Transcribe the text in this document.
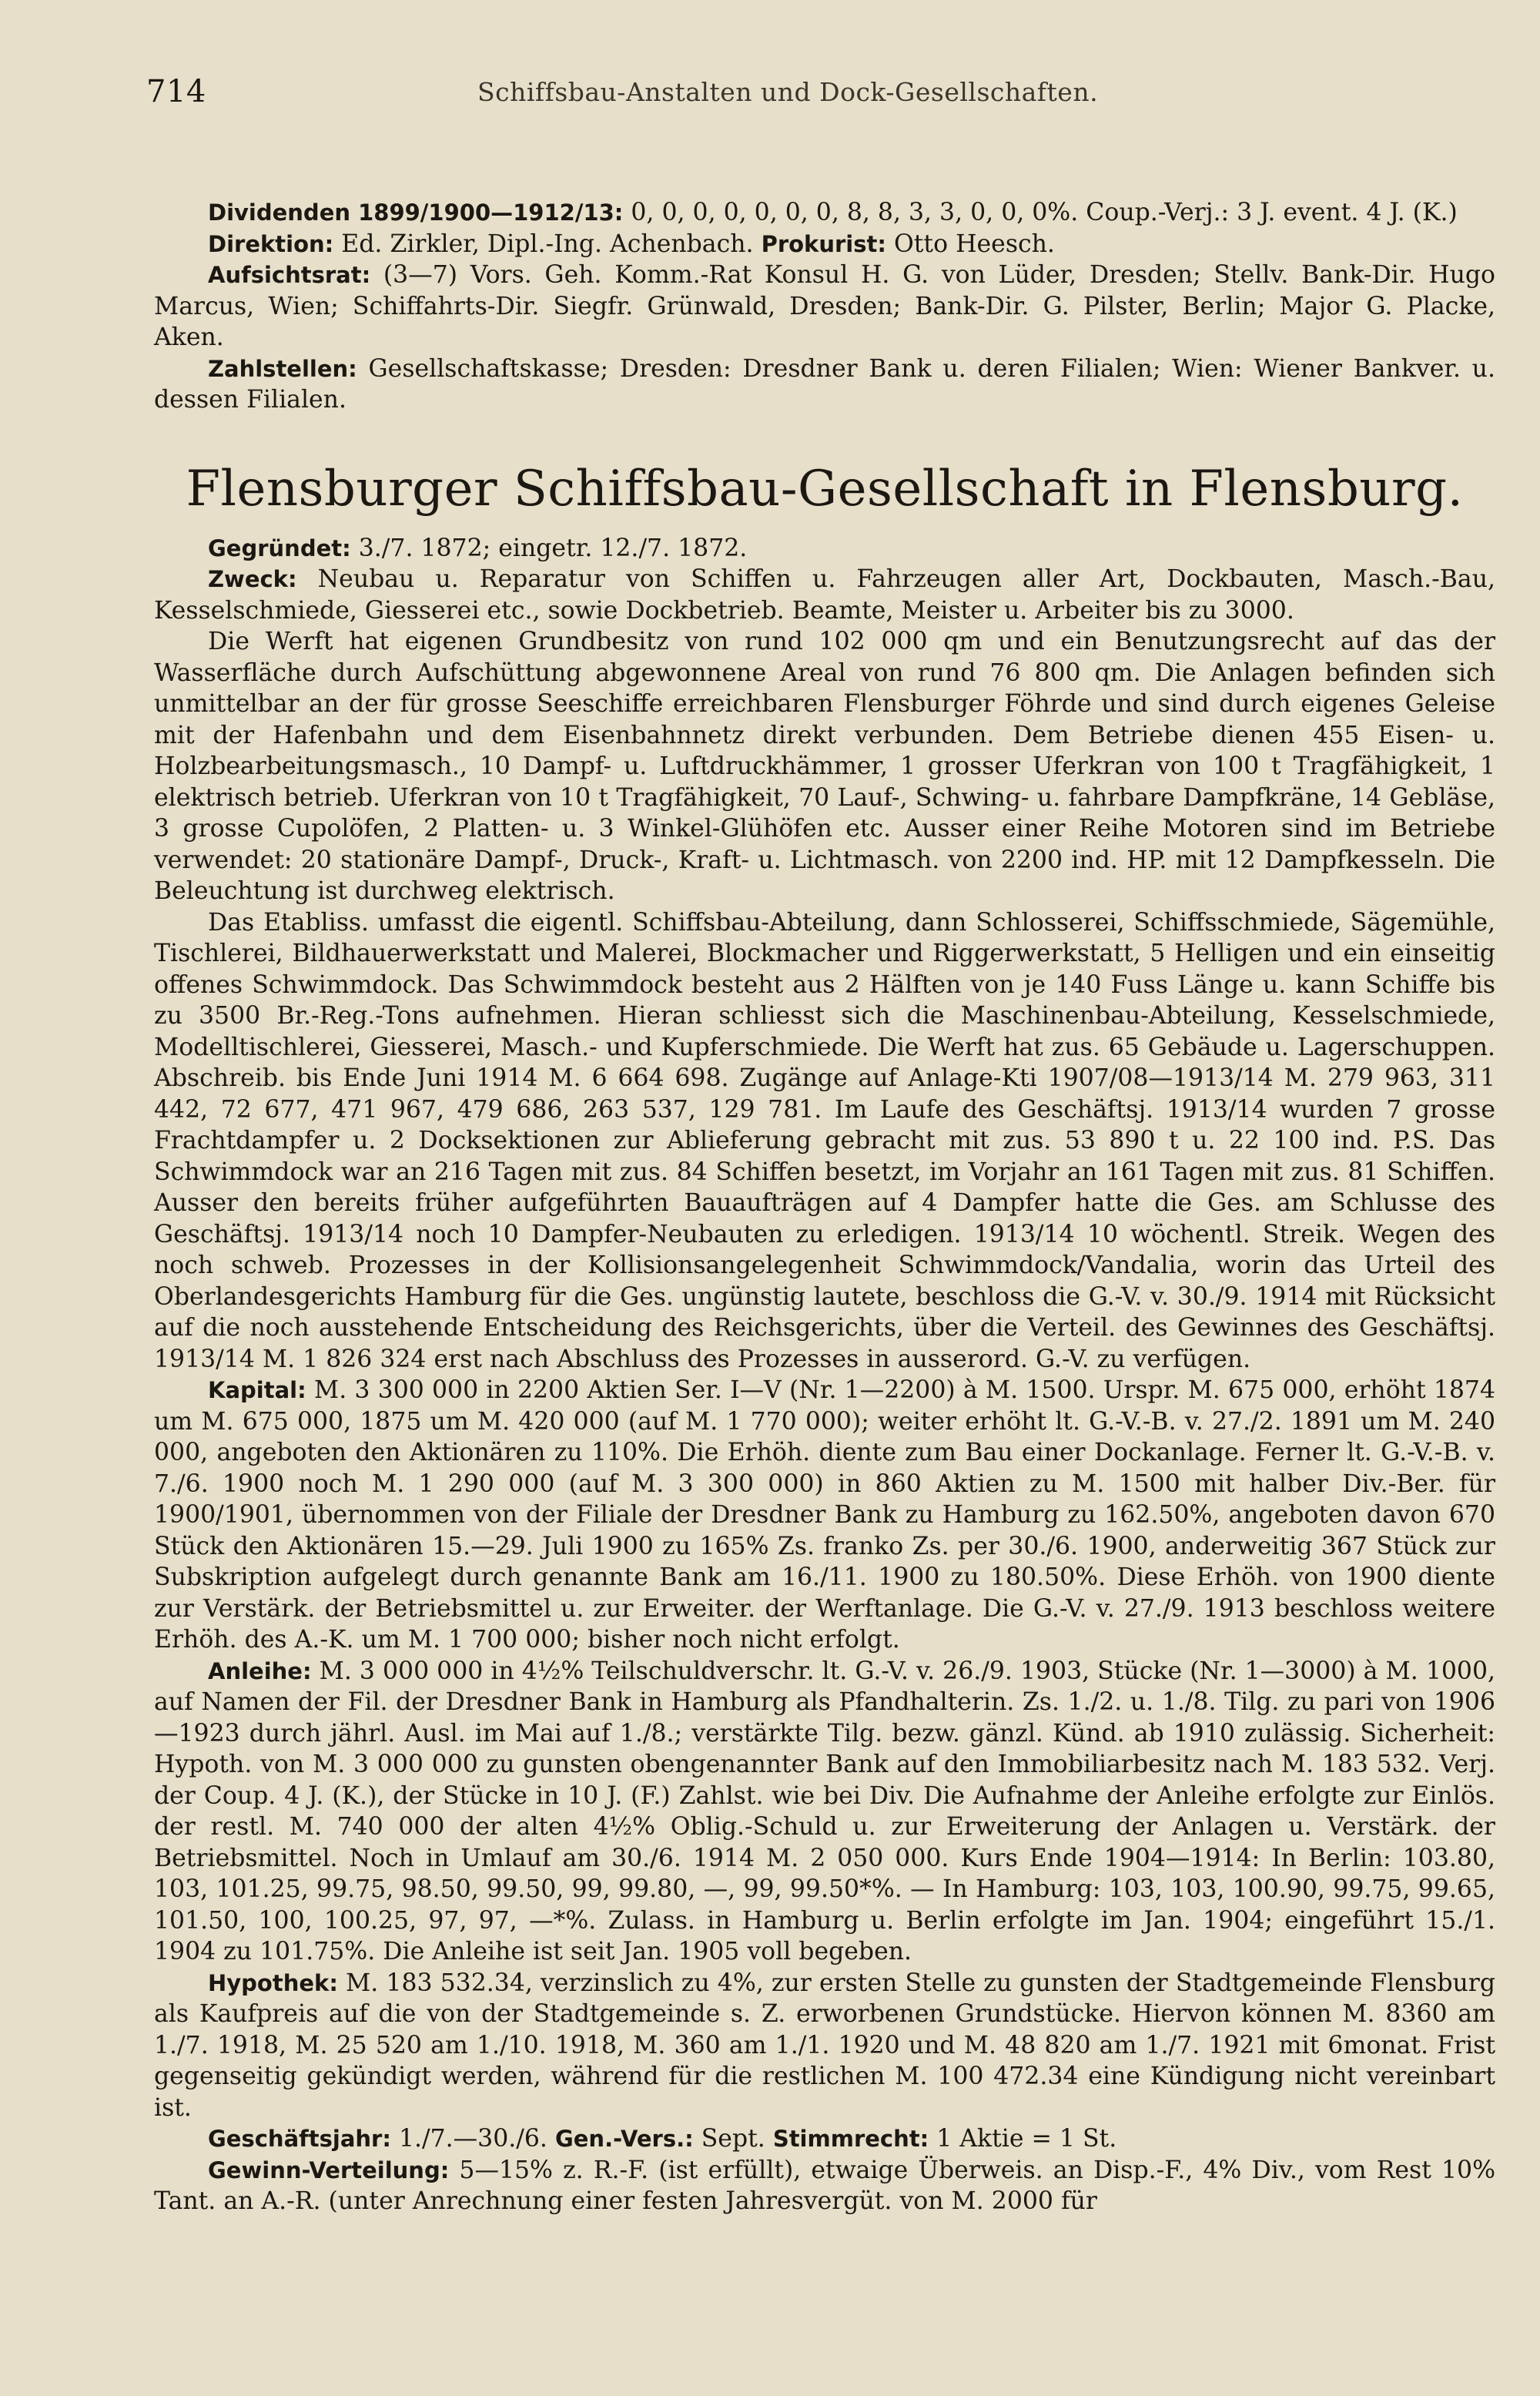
714	Schiffsbau-Anstalten und Dock-Gesellschaften.

Dividenden 1899/1900—1912/13: 0, 0, 0, 0, 0, 0, 0, 8, 8, 3, 3, 0, 0, 0%. Coup.-Verj.: 3 J. event. 4 J. (K.)

Direktion: Ed. Zirkler, Dipl.-Ing. Achenbach. Prokurist: Otto Heesch.

Aufsichtsrat: (3—7) Vors. Geh. Komm.-Rat Konsul H. G. von Lüder, Dresden; Stellv. Bank-Dir. Hugo Marcus, Wien; Schiffahrts-Dir. Siegfr. Grünwald, Dresden; Bank-Dir. G. Pilster, Berlin; Major G. Placke, Aken.

Zahlstellen: Gesellschaftskasse; Dresden: Dresdner Bank u. deren Filialen; Wien: Wiener Bankver. u. dessen Filialen.

Flensburger Schiffsbau-Gesellschaft in Flensburg.

Gegründet: 3./7. 1872; eingetr. 12./7. 1872.

Zweck: Neubau u. Reparatur von Schiffen u. Fahrzeugen aller Art, Dockbauten, Masch.-Bau, Kesselschmiede, Giesserei etc., sowie Dockbetrieb. Beamte, Meister u. Arbeiter bis zu 3000.

Die Werft hat eigenen Grundbesitz von rund 102 000 qm und ein Benutzungsrecht auf das der Wasserfläche durch Aufschüttung abgewonnene Areal von rund 76 800 qm. Die Anlagen befinden sich unmittelbar an der für grosse Seeschiffe erreichbaren Flensburger Föhrde und sind durch eigenes Geleise mit der Hafenbahn und dem Eisenbahnnetz direkt verbunden. Dem Betriebe dienen 455 Eisen- u. Holzbearbeitungsmasch., 10 Dampf- u. Luftdruckhämmer, 1 grosser Uferkran von 100 t Tragfähigkeit, 1 elektrisch betrieb. Uferkran von 10 t Tragfähigkeit, 70 Lauf-, Schwing- u. fahrbare Dampfkräne, 14 Gebläse, 3 grosse Cupolöfen, 2 Platten- u. 3 Winkel-Glühöfen etc. Ausser einer Reihe Motoren sind im Betriebe verwendet: 20 stationäre Dampf-, Druck-, Kraft- u. Lichtmasch. von 2200 ind. HP. mit 12 Dampfkesseln. Die Beleuchtung ist durchweg elektrisch.

Das Etabliss. umfasst die eigentl. Schiffsbau-Abteilung, dann Schlosserei, Schiffsschmiede, Sägemühle, Tischlerei, Bildhauerwerkstatt und Malerei, Blockmacher und Riggerwerkstatt, 5 Helligen und ein einseitig offenes Schwimmdock. Das Schwimmdock besteht aus 2 Hälften von je 140 Fuss Länge u. kann Schiffe bis zu 3500 Br.-Reg.-Tons aufnehmen. Hieran schliesst sich die Maschinenbau-Abteilung, Kesselschmiede, Modelltischlerei, Giesserei, Masch.- und Kupferschmiede. Die Werft hat zus. 65 Gebäude u. Lagerschuppen. Abschreib. bis Ende Juni 1914 M. 6 664 698. Zugänge auf Anlage-Kti 1907/08—1913/14 M. 279 963, 311 442, 72 677, 471 967, 479 686, 263 537, 129 781. Im Laufe des Geschäftsj. 1913/14 wurden 7 grosse Frachtdampfer u. 2 Docksektionen zur Ablieferung gebracht mit zus. 53 890 t u. 22 100 ind. P.S. Das Schwimmdock war an 216 Tagen mit zus. 84 Schiffen besetzt, im Vorjahr an 161 Tagen mit zus. 81 Schiffen. Ausser den bereits früher aufgeführten Bauaufträgen auf 4 Dampfer hatte die Ges. am Schlusse des Geschäftsj. 1913/14 noch 10 Dampfer-Neubauten zu erledigen. 1913/14 10 wöchentl. Streik. Wegen des noch schweb. Prozesses in der Kollisionsangelegenheit Schwimmdock/Vandalia, worin das Urteil des Oberlandesgerichts Hamburg für die Ges. ungünstig lautete, beschloss die G.-V. v. 30./9. 1914 mit Rücksicht auf die noch ausstehende Entscheidung des Reichsgerichts, über die Verteil. des Gewinnes des Geschäftsj. 1913/14 M. 1 826 324 erst nach Abschluss des Prozesses in ausserord. G.-V. zu verfügen.

Kapital: M. 3 300 000 in 2200 Aktien Ser. I—V (Nr. 1—2200) à M. 1500. Urspr. M. 675 000, erhöht 1874 um M. 675 000, 1875 um M. 420 000 (auf M. 1 770 000); weiter erhöht lt. G.-V.-B. v. 27./2. 1891 um M. 240 000, angeboten den Aktionären zu 110%. Die Erhöh. diente zum Bau einer Dockanlage. Ferner lt. G.-V.-B. v. 7./6. 1900 noch M. 1 290 000 (auf M. 3 300 000) in 860 Aktien zu M. 1500 mit halber Div.-Ber. für 1900/1901, übernommen von der Filiale der Dresdner Bank zu Hamburg zu 162.50%, angeboten davon 670 Stück den Aktionären 15.—29. Juli 1900 zu 165% Zs. franko Zs. per 30./6. 1900, anderweitig 367 Stück zur Subskription aufgelegt durch genannte Bank am 16./11. 1900 zu 180.50%. Diese Erhöh. von 1900 diente zur Verstärk. der Betriebsmittel u. zur Erweiter. der Werftanlage. Die G.-V. v. 27./9. 1913 beschloss weitere Erhöh. des A.-K. um M. 1 700 000; bisher noch nicht erfolgt.

Anleihe: M. 3 000 000 in 4½% Teilschuldverschr. lt. G.-V. v. 26./9. 1903, Stücke (Nr. 1—3000) à M. 1000, auf Namen der Fil. der Dresdner Bank in Hamburg als Pfandhalterin. Zs. 1./2. u. 1./8. Tilg. zu pari von 1906—1923 durch jährl. Ausl. im Mai auf 1./8.; verstärkte Tilg. bezw. gänzl. Künd. ab 1910 zulässig. Sicherheit: Hypoth. von M. 3 000 000 zu gunsten obengenannter Bank auf den Immobiliarbesitz nach M. 183 532. Verj. der Coup. 4 J. (K.), der Stücke in 10 J. (F.) Zahlst. wie bei Div. Die Aufnahme der Anleihe erfolgte zur Einlös. der restl. M. 740 000 der alten 4½% Oblig.-Schuld u. zur Erweiterung der Anlagen u. Verstärk. der Betriebsmittel. Noch in Umlauf am 30./6. 1914 M. 2 050 000. Kurs Ende 1904—1914: In Berlin: 103.80, 103, 101.25, 99.75, 98.50, 99.50, 99, 99.80, —, 99, 99.50*%. — In Hamburg: 103, 103, 100.90, 99.75, 99.65, 101.50, 100, 100.25, 97, 97, —*%. Zulass. in Hamburg u. Berlin erfolgte im Jan. 1904; eingeführt 15./1. 1904 zu 101.75%. Die Anleihe ist seit Jan. 1905 voll begeben.

Hypothek: M. 183 532.34, verzinslich zu 4%, zur ersten Stelle zu gunsten der Stadtgemeinde Flensburg als Kaufpreis auf die von der Stadtgemeinde s. Z. erworbenen Grundstücke. Hiervon können M. 8360 am 1./7. 1918, M. 25 520 am 1./10. 1918, M. 360 am 1./1. 1920 und M. 48 820 am 1./7. 1921 mit 6monat. Frist gegenseitig gekündigt werden, während für die restlichen M. 100 472.34 eine Kündigung nicht vereinbart ist.

Geschäftsjahr: 1./7.—30./6. Gen.-Vers.: Sept. Stimmrecht: 1 Aktie = 1 St.

Gewinn-Verteilung: 5—15% z. R.-F. (ist erfüllt), etwaige Überweis. an Disp.-F., 4% Div., vom Rest 10% Tant. an A.-R. (unter Anrechnung einer festen Jahresvergüt. von M. 2000 für
